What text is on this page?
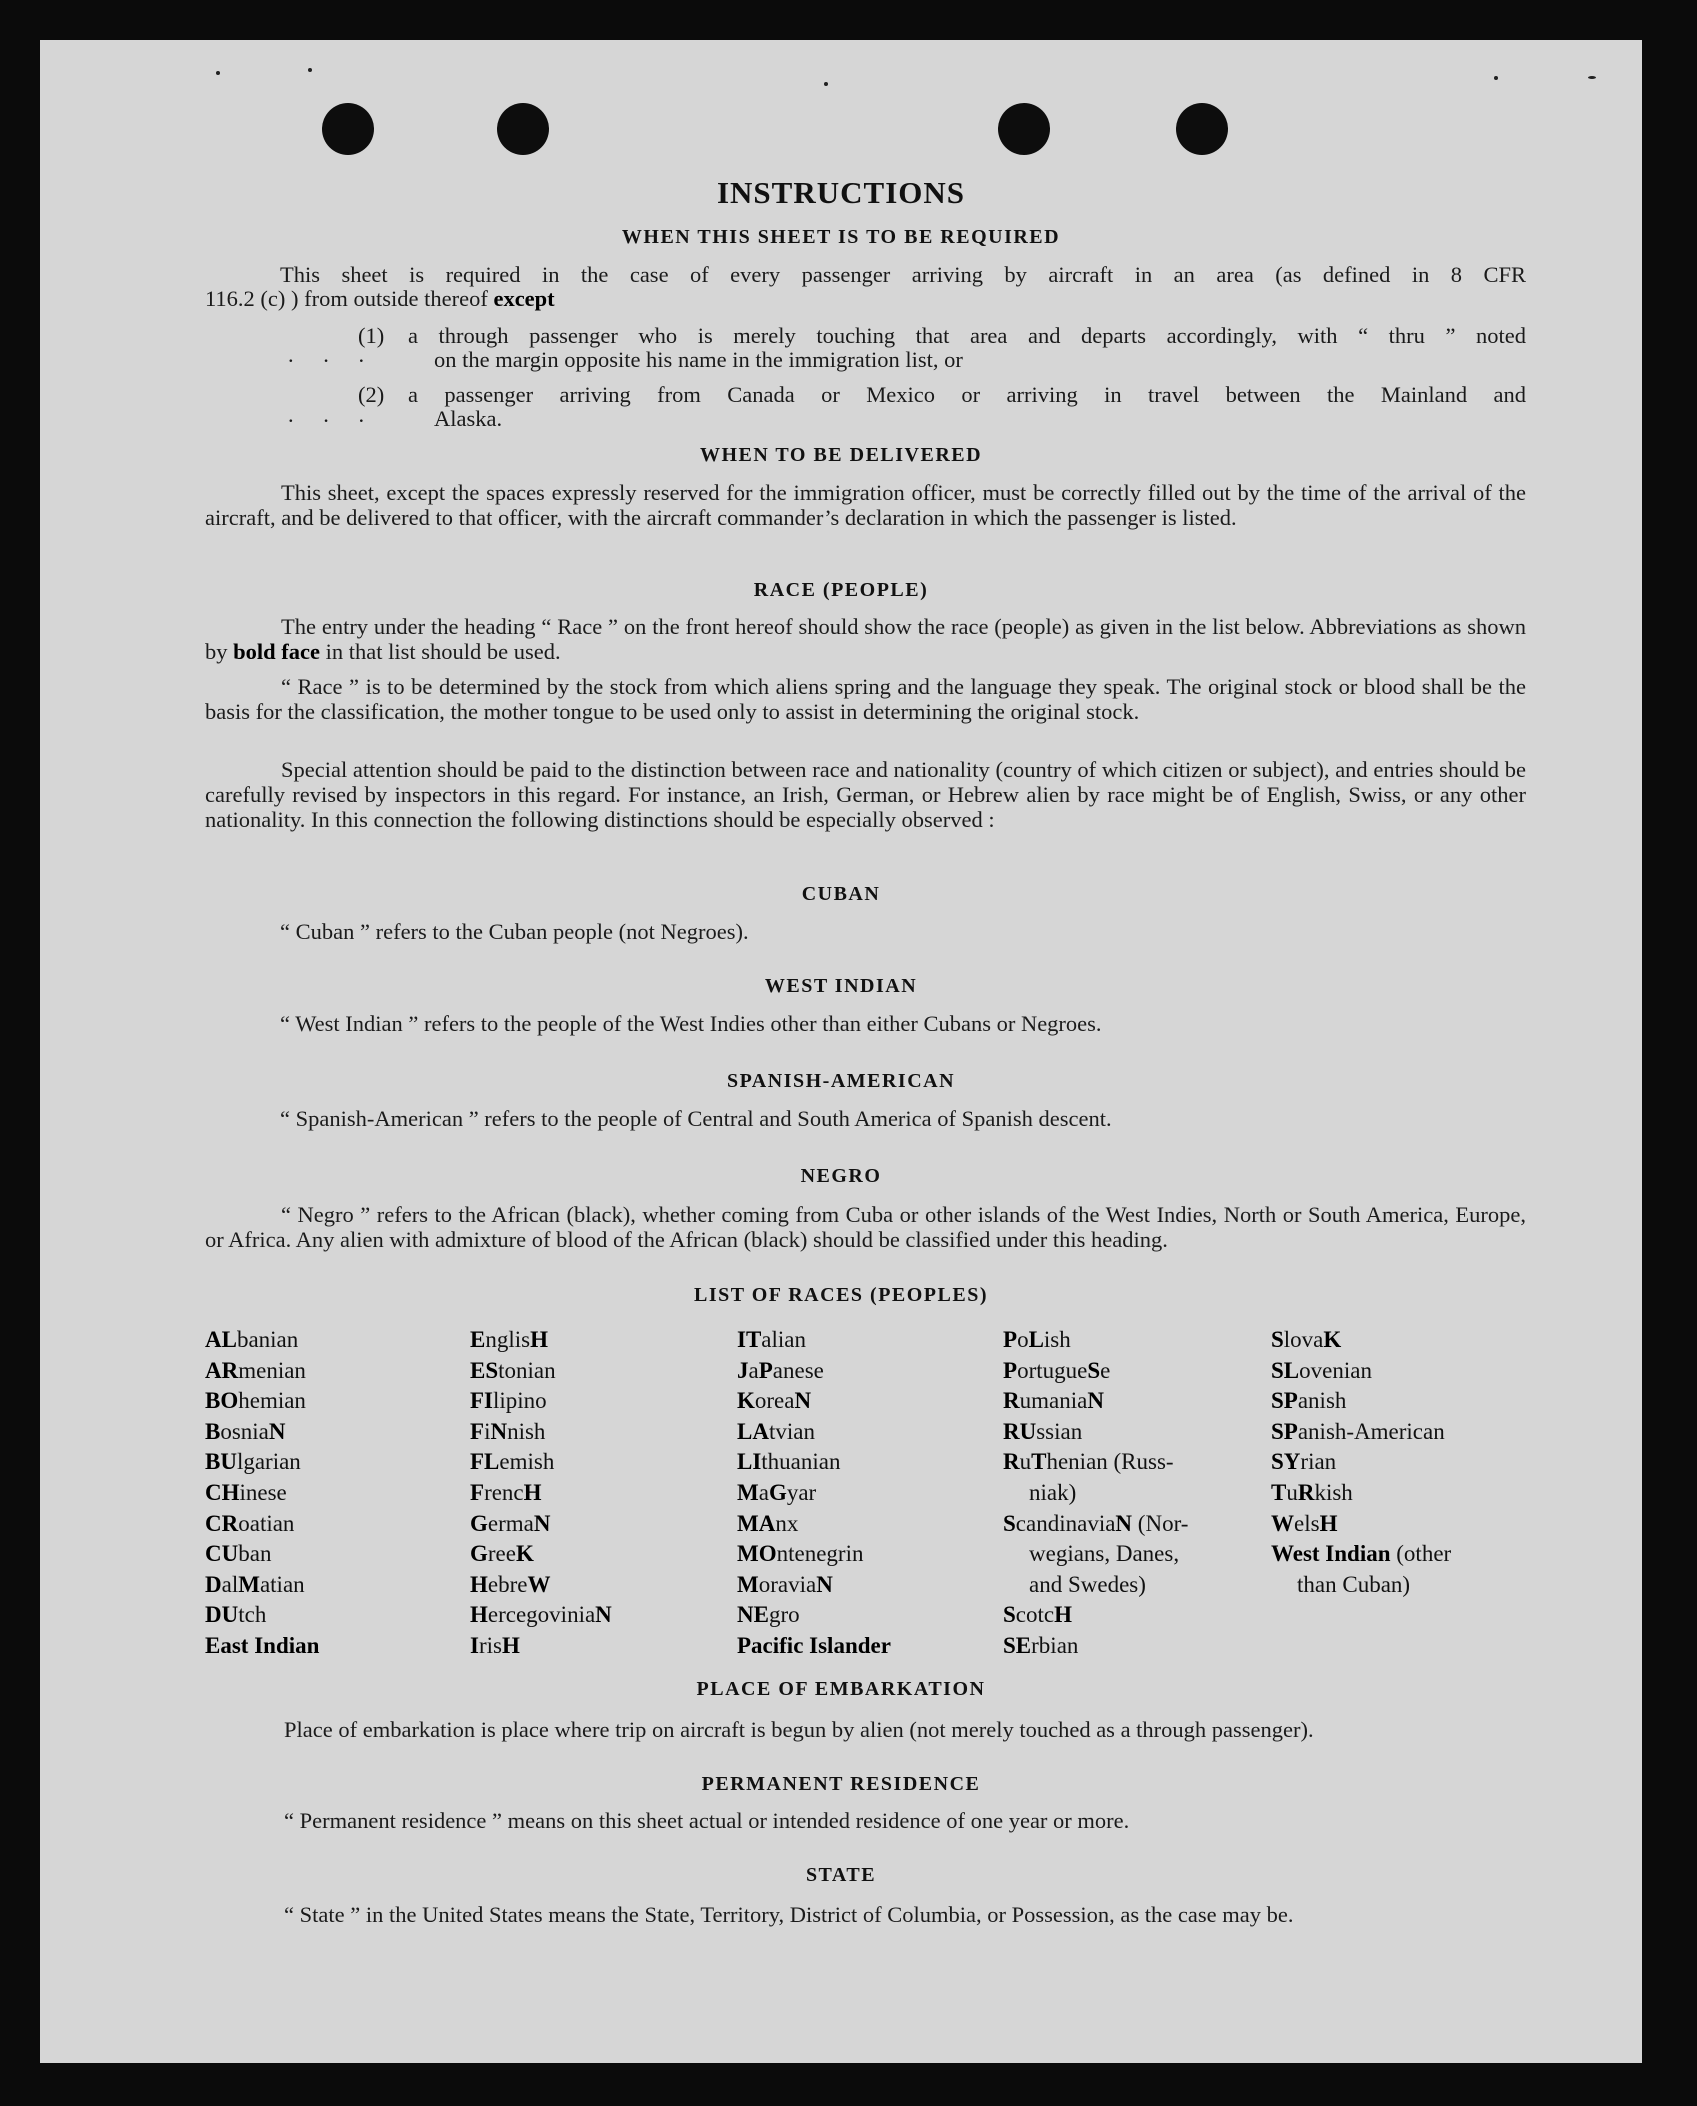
INSTRUCTIONS
WHEN THIS SHEET IS TO BE REQUIRED
This sheet is required in the case of every passenger arriving by aircraft in an area (as defined in 8 CFR
116.2 (c) ) from outside thereof except
(1) a through passenger who is merely touching that area and departs accordingly, with “ thru ” noted
. . .	on the margin opposite his name in the immigration list, or
(2) a passenger arriving from Canada or Mexico or arriving in travel between the Mainland and
. . .	Alaska.
WHEN TO BE DELIVERED

This sheet, except the spaces expressly reserved for the immigration officer, must be correctly filled out by the time of the arrival of the aircraft, and be delivered to that officer, with the aircraft commander’s declaration in which the passenger is listed.

RACE (PEOPLE)

The entry under the heading “ Race ” on the front hereof should show the race (people) as given in the list below. Abbreviations as shown by bold face in that list should be used.

“ Race ” is to be determined by the stock from which aliens spring and the language they speak. The original stock or blood shall be the basis for the classification, the mother tongue to be used only to assist in determining the original stock.

Special attention should be paid to the distinction between race and nationality (country of which citizen or subject), and entries should be carefully revised by inspectors in this regard. For instance, an Irish, German, or Hebrew alien by race might be of English, Swiss, or any other nationality. In this connection the following distinctions should be especially observed :

CUBAN

“ Cuban ” refers to the Cuban people (not Negroes).

WEST INDIAN

“ West Indian ” refers to the people of the West Indies other than either Cubans or Negroes.

SPANISH-AMERICAN

“ Spanish-American ” refers to the people of Central and South America of Spanish descent.

NEGRO

“ Negro ” refers to the African (black), whether coming from Cuba or other islands of the West Indies, North or South America, Europe, or Africa. Any alien with admixture of blood of the African (black) should be classified under this heading.

LIST OF RACES (PEOPLES)
ALbanian
ARmenian
BOhemian
BosniaN
BUlgarian
CHinese
CRoatian
CUban
DalMatian
DUtch
East Indian
EnglisH
EStonian
FIlipino
FiNnish
FLemish
FrencH
GermaN
GreeK
HebreW
HercegoviniaN
IrisH
ITalian
JaPanese
KoreaN
LAtvian
LIthuanian
MaGyar
MAnx
MOntenegrin
MoraviaN
NEgro
Pacific Islander
PoLish
PortugueSe
RumaniaN
RUssian
RuThenian (Russ-
niak)
ScandinaviaN (Nor-
wegians, Danes,
and Swedes)
ScotcH
SErbian
SlovaK
SLovenian
SPanish
SPanish-American
SYrian
TuRkish
WelsH
West Indian (other
than Cuban)
PLACE OF EMBARKATION

Place of embarkation is place where trip on aircraft is begun by alien (not merely touched as a through passenger).

PERMANENT RESIDENCE

“ Permanent residence ” means on this sheet actual or intended residence of one year or more.

STATE

“ State ” in the United States means the State, Territory, District of Columbia, or Possession, as the case may be.
